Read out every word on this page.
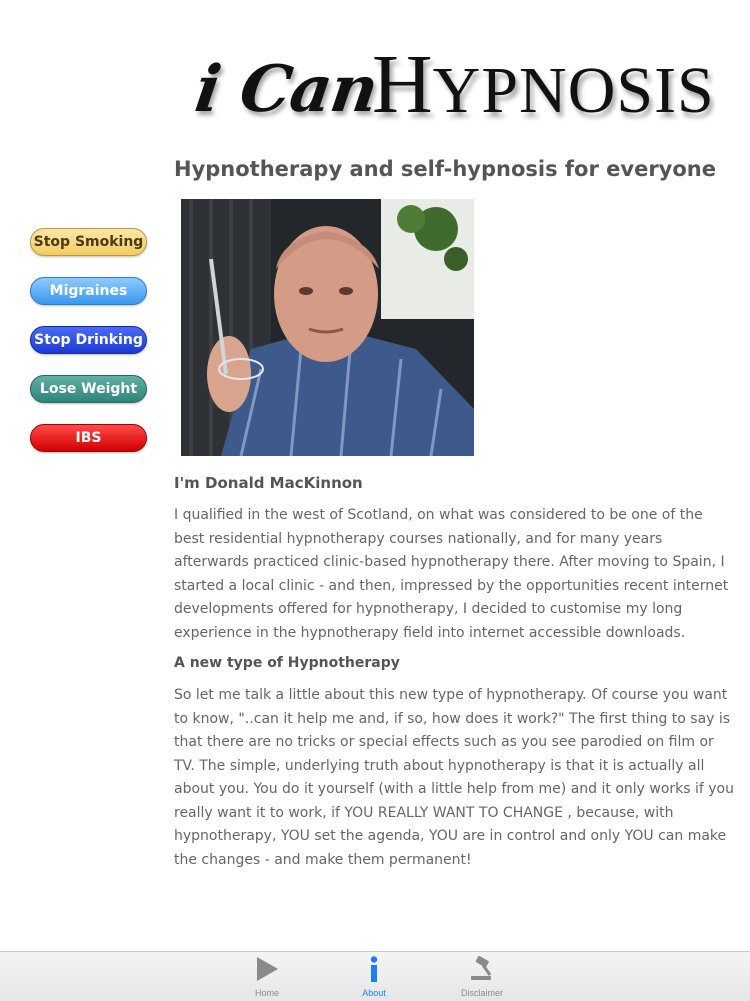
i Can
HYPNOSIS
Hypnotherapy and self-hypnosis for everyone
Stop Smoking
Migraines
Stop Drinking
Lose Weight
IBS
I'm Donald MacKinnon
I qualified in the west of Scotland, on what was considered to be one of the best residential hypnotherapy courses nationally, and for many years afterwards practiced clinic-based hypnotherapy there. After moving to Spain, I started a local clinic - and then, impressed by the opportunities recent internet developments offered for hypnotherapy, I decided to customise my long experience in the hypnotherapy field into internet accessible downloads.
A new type of Hypnotherapy
So let me talk a little about this new type of hypnotherapy. Of course you want to know, "..can it help me and, if so, how does it work?" The first thing to say is that there are no tricks or special effects such as you see parodied on film or TV. The simple, underlying truth about hypnotherapy is that it is actually all about you. You do it yourself (with a little help from me) and it only works if you really want it to work, if YOU REALLY WANT TO CHANGE , because, with hypnotherapy, YOU set the agenda, YOU are in control and only YOU can make the changes - and make them permanent!
Home	About	Disclaimer
